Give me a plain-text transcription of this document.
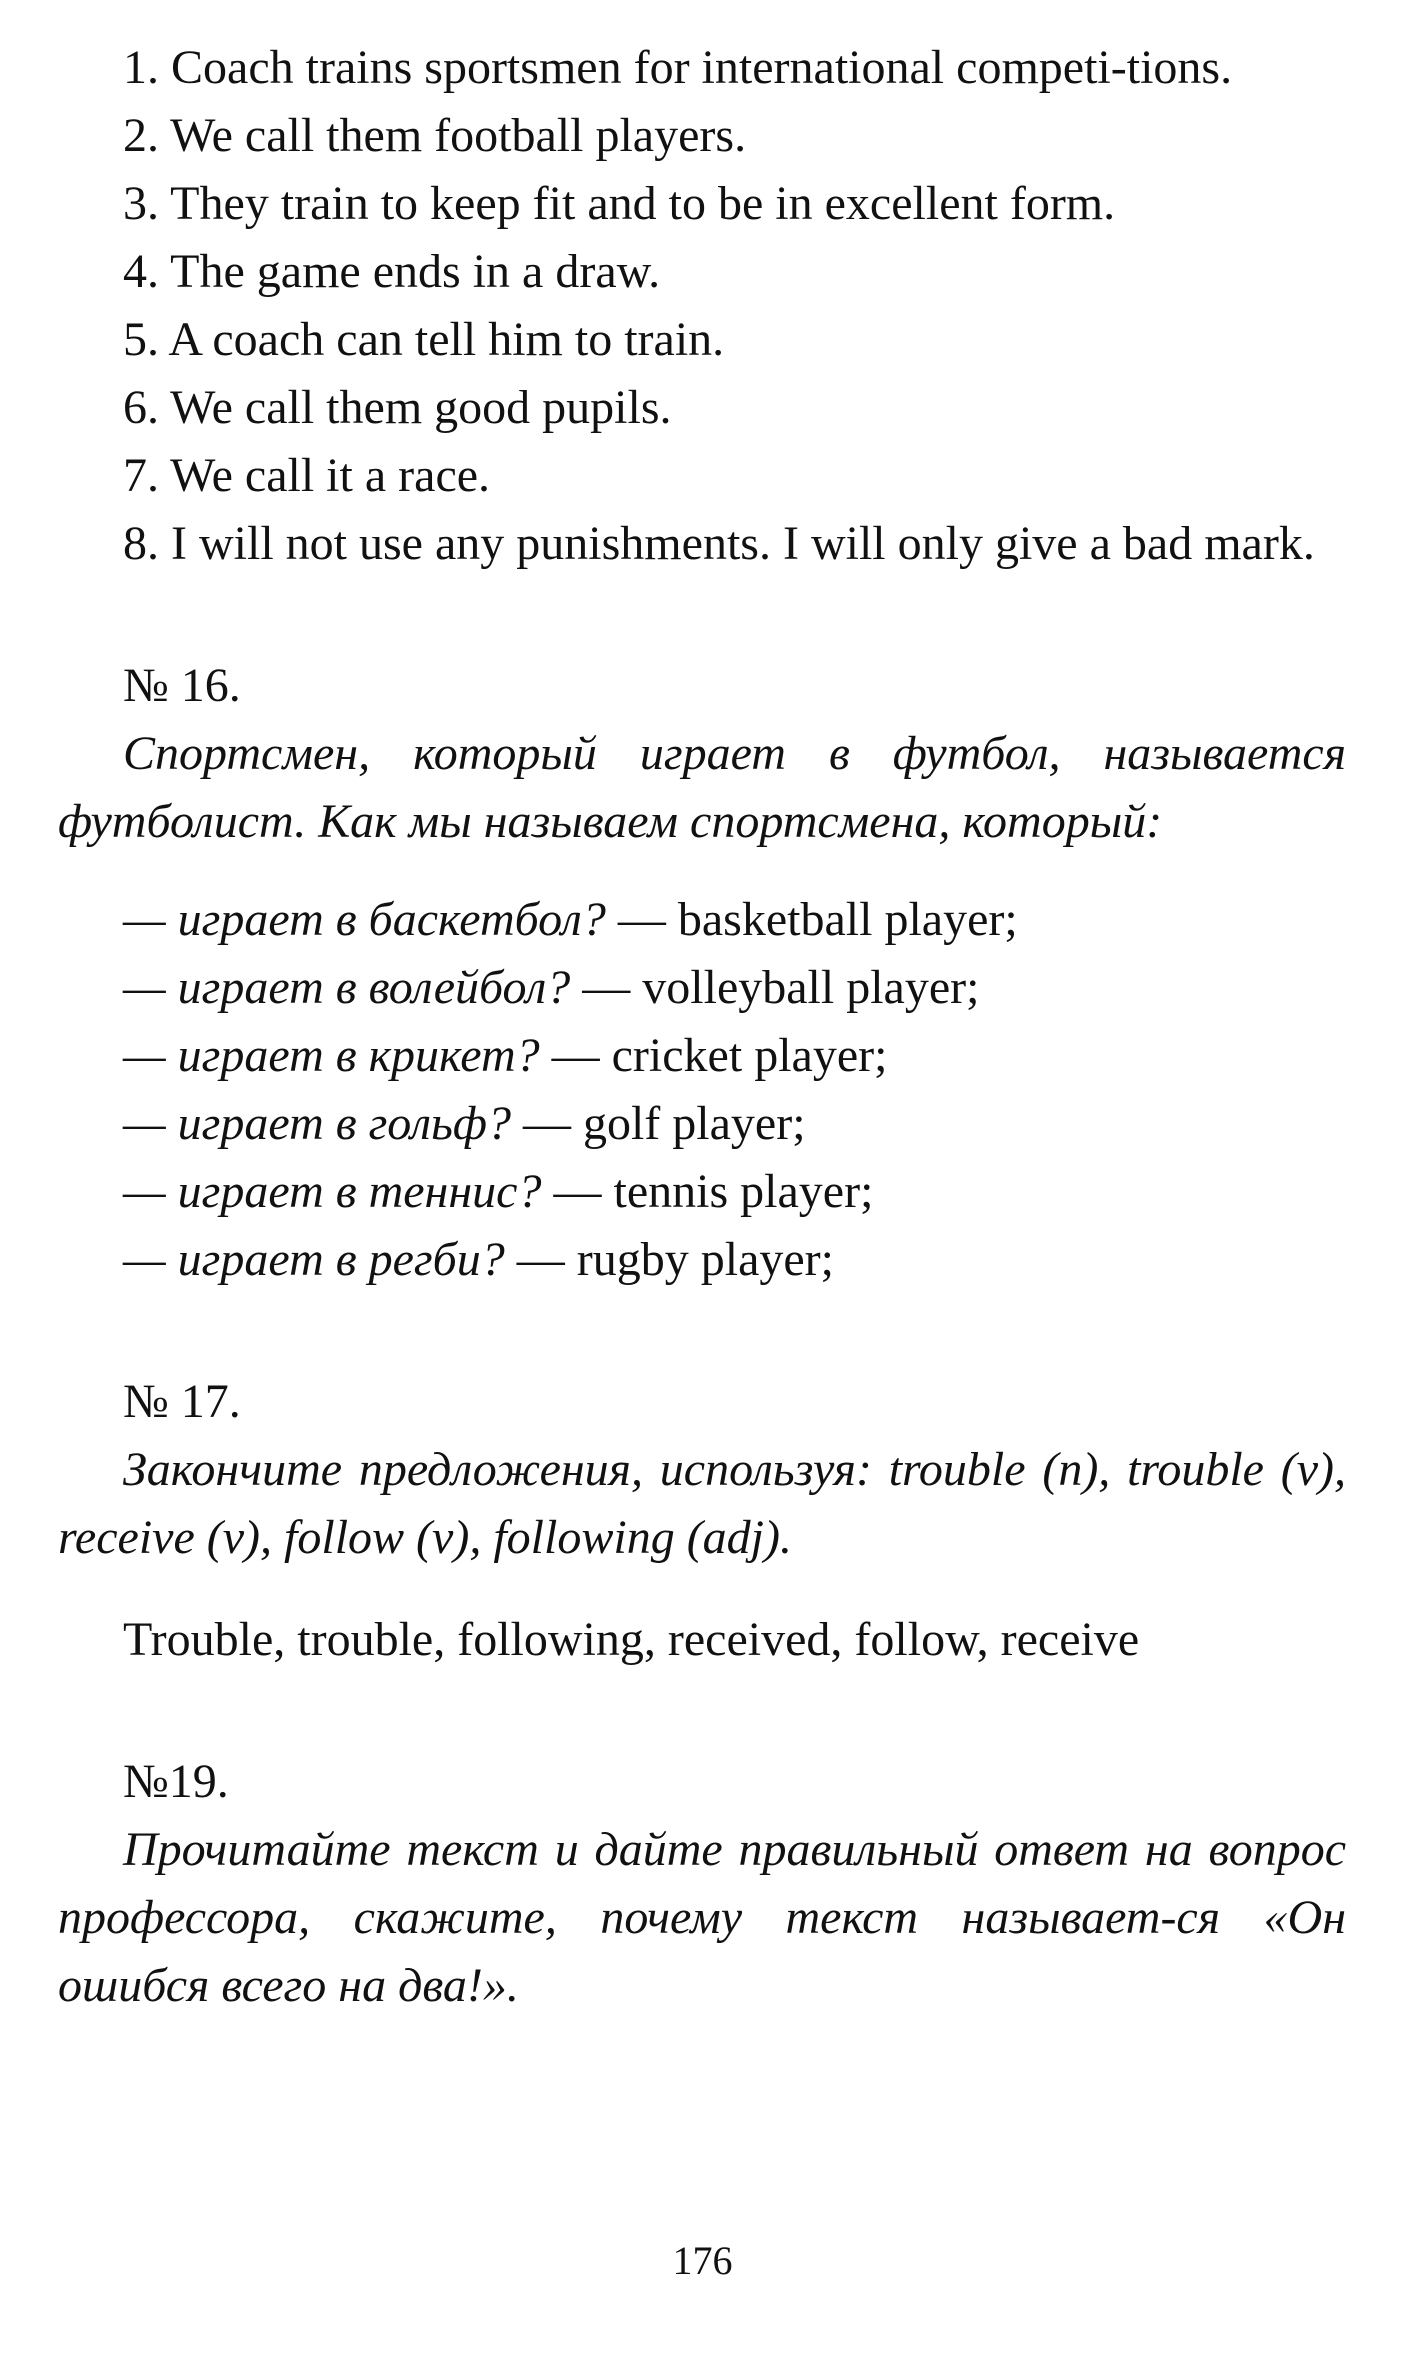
1. Coach trains sportsmen for international competi-tions.

2. We call them football players.

3. They train to keep fit and to be in excellent form.

4. The game ends in a draw.

5. A coach can tell him to train.

6. We call them good pupils.

7. We call it a race.

8. I will not use any punishments. I will only give a bad mark.

№ 16.

Спортсмен, который играет в футбол, называется футболист. Как мы называем спортсмена, который:

— играет в баскетбол? — basketball player;

— играет в волейбол? — volleyball player;

— играет в крикет? — cricket player;

— играет в гольф? — golf player;

— играет в теннис? — tennis player;

— играет в регби? — rugby player;

№ 17.

Закончите предложения, используя: trouble (n), trouble (v), receive (v), follow (v), following (adj).

Trouble, trouble, following, received, follow, receive

№19.

Прочитайте текст и дайте правильный ответ на вопрос профессора, скажите, почему текст называет-ся «Он ошибся всего на два!».

176
